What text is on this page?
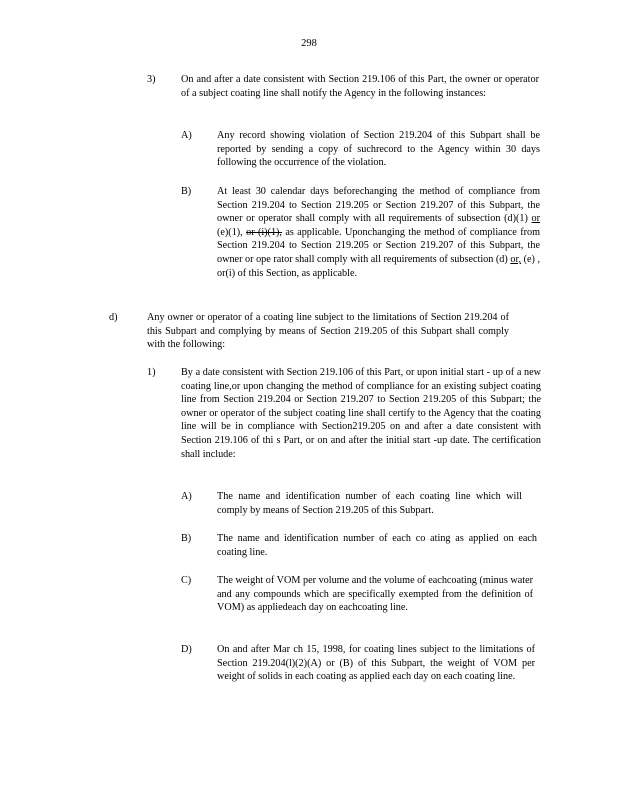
298
3)	On and after a date consistent with Section 219.106 of this Part, the owner or operator of a subject coating line shall notify the Agency in the following instances:
A) Any record showing violation of Section 219.204 of this Subpart shall be reported by sending a copy of suchrecord to the Agency within 30 days following the occurrence of the violation.
B)	At least 30 calendar days beforechanging the method of compliance from Section 219.204 to Section 219.205 or Section 219.207 of this Subpart, the owner or operator shall comply with all requirements of subsection (d)(1) or (e)(1), or (i)(1), as applicable. Uponchanging the method of compliance from Section 219.204 to Section 219.205 or Section 219.207 of this Subpart, the owner or ope rator shall comply with all requirements of subsection (d) or, (e) , or(i) of this Section, as applicable.
d)	Any owner or operator of a coating line subject to the limitations of Section 219.204 of this Subpart and complying by means of Section 219.205 of this Subpart shall comply with the following:
1)	By a date consistent with Section 219.106 of this Part, or upon initial start - up of a new coating line,or upon changing the method of compliance for an existing subject coating line from Section 219.204 or Section 219.207 to Section 219.205 of this Subpart; the owner or operator of the subject coating line shall certify to the Agency that the coating line will be in compliance with Section219.205 on and after a date consistent with Section 219.106 of thi s Part, or on and after the initial start -up date. The certification shall include:
A) The name and identification number of each coating line which will comply by means of Section 219.205 of this Subpart.
B)	The name and identification number of each co ating as applied on each coating line.
C)	The weight of VOM per volume and the volume of eachcoating (minus water and any compounds which are specifically exempted from the definition of VOM) as appliedeach day on eachcoating line.
D) On and after Mar ch 15, 1998, for coating lines subject to the limitations of Section 219.204(l)(2)(A) or (B) of this Subpart, the weight of VOM per weight of solids in each coating as applied each day on each coating line.
